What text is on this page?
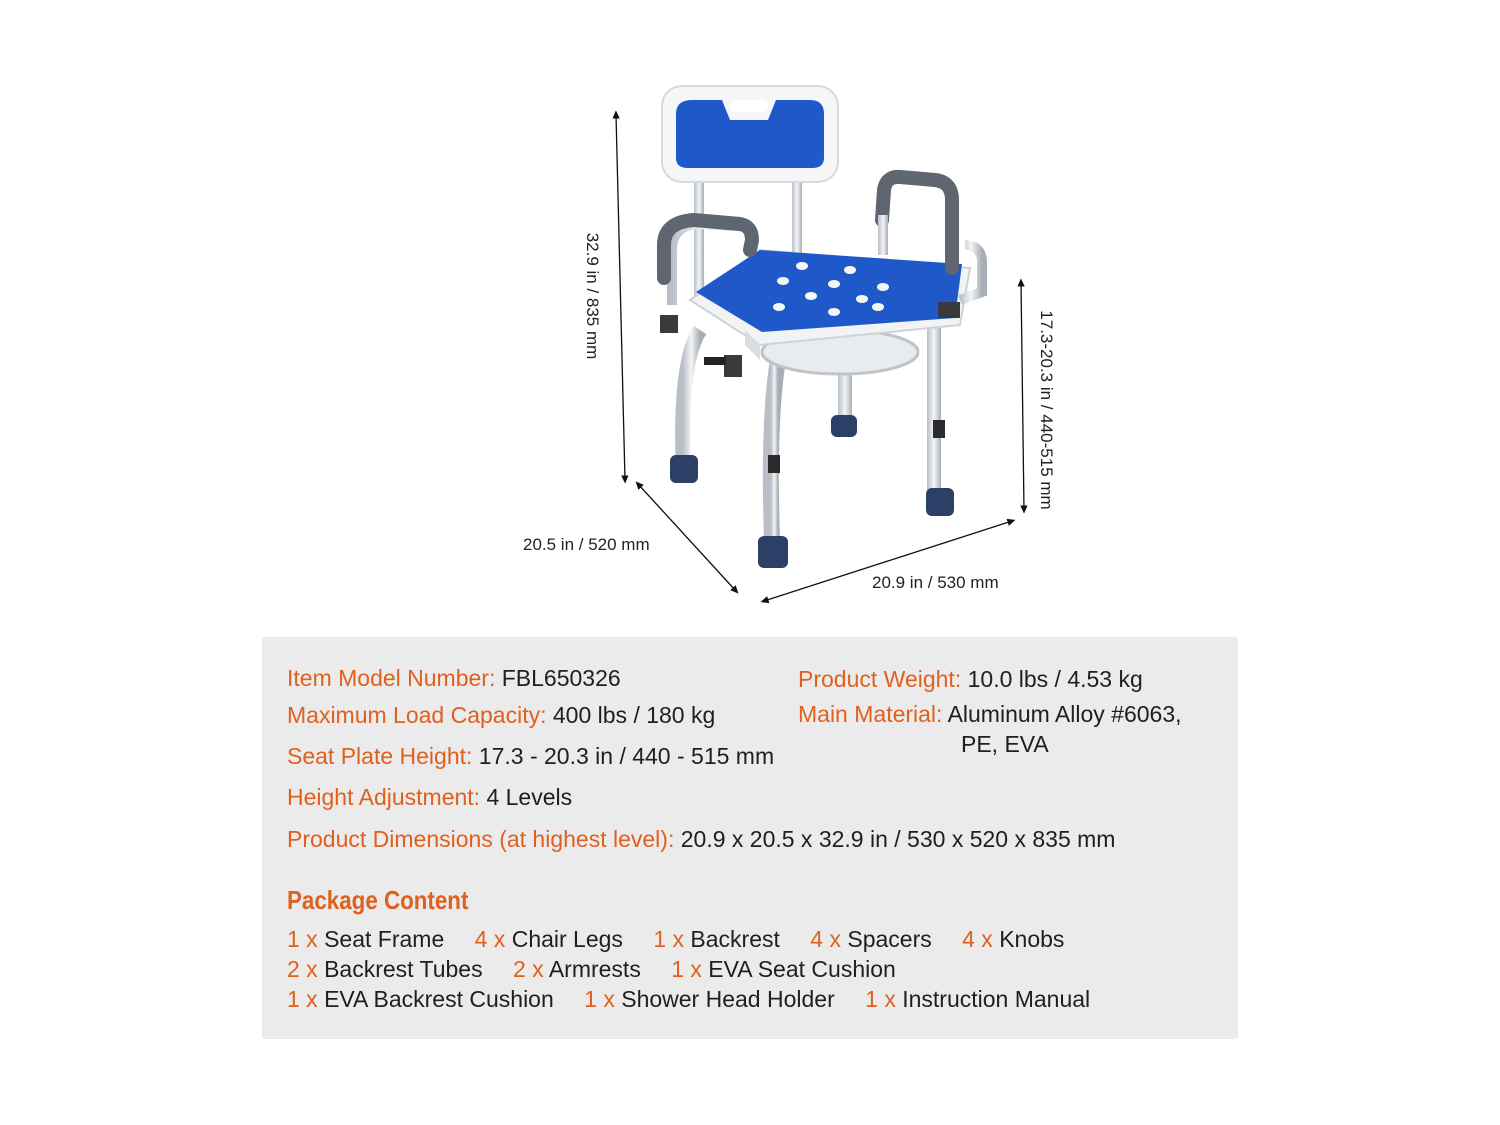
32.9 in / 835 mm
17.3-20.3 in / 440-515 mm
20.5 in / 520 mm
20.9 in / 530 mm
Item Model Number: FBL650326	Product Weight: 10.0 lbs / 4.53 kg
Maximum Load Capacity: 400 lbs / 180 kg	Main Material: Aluminum Alloy #6063,
PE, EVA
Seat Plate Height: 17.3 - 20.3 in / 440 - 515 mm
Height Adjustment: 4 Levels
Product Dimensions (at highest level): 20.9 x 20.5 x 32.9 in / 530 x 520 x 835 mm
Package Content
1 x Seat Frame 4 x Chair Legs 1 x Backrest 4 x Spacers 4 x Knobs
2 x Backrest Tubes 2 x Armrests 1 x EVA Seat Cushion
1 x EVA Backrest Cushion 1 x Shower Head Holder 1 x Instruction Manual
